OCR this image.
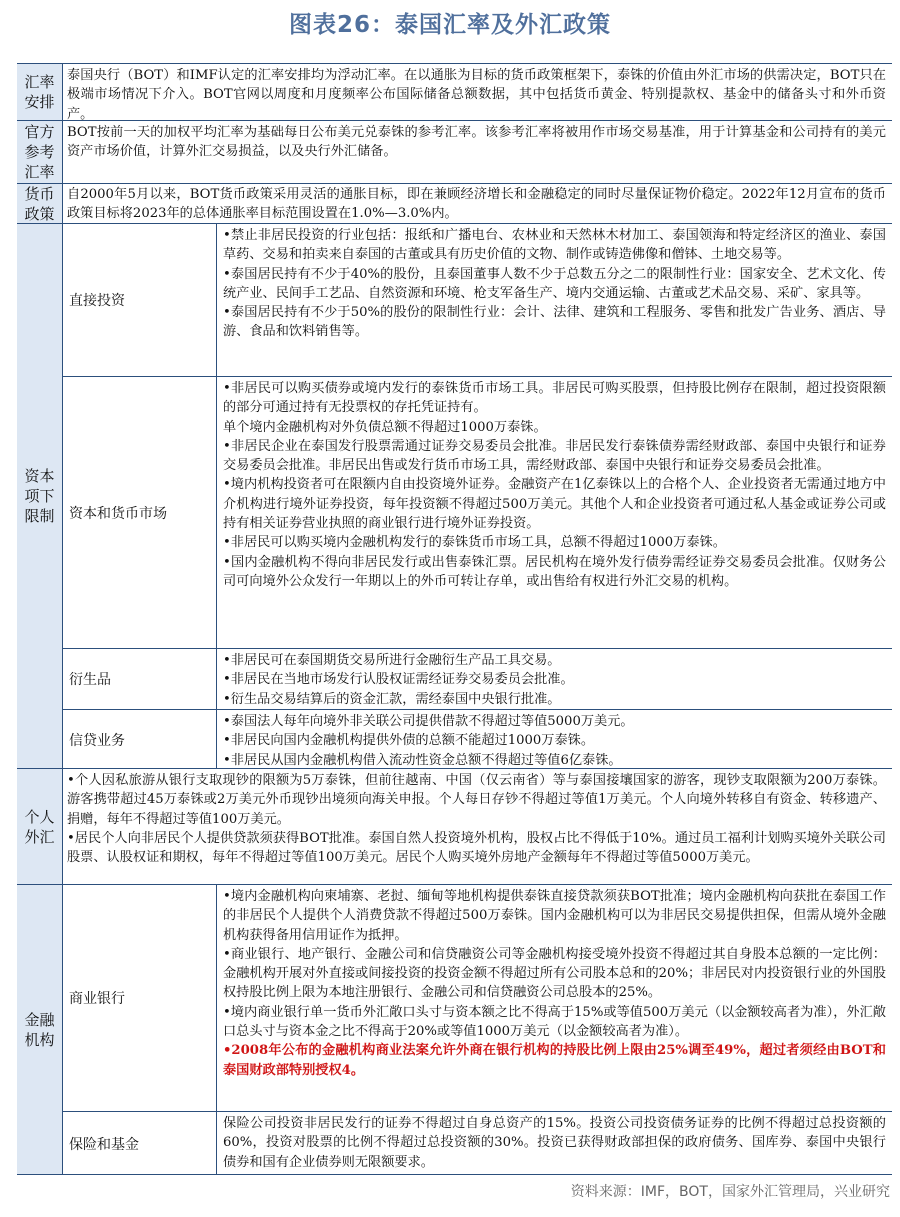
图表26：泰国汇率及外汇政策
汇率安排
泰国央行（BOT）和IMF认定的汇率安排均为浮动汇率。在以通胀为目标的货币政策框架下，泰铢的价值由外汇市场的供需决定，BOT只在极端市场情况下介入。BOT官网以周度和月度频率公布国际储备总额数据，其中包括货币黄金、特别提款权、基金中的储备头寸和外币资产。
官方参考汇率
BOT按前一天的加权平均汇率为基础每日公布美元兑泰铢的参考汇率。该参考汇率将被用作市场交易基准，用于计算基金和公司持有的美元资产市场价值，计算外汇交易损益，以及央行外汇储备。
货币政策
自2000年5月以来，BOT货币政策采用灵活的通胀目标，即在兼顾经济增长和金融稳定的同时尽量保证物价稳定。2022年12月宣布的货币政策目标将2023年的总体通胀率目标范围设置在1.0%—3.0%内。
资本项下限制
直接投资

•禁止非居民投资的行业包括：报纸和广播电台、农林业和天然林木材加工、泰国领海和特定经济区的渔业、泰国草药、交易和拍卖来自泰国的古董或具有历史价值的文物、制作或铸造佛像和僧钵、土地交易等。

•泰国居民持有不少于40%的股份，且泰国董事人数不少于总数五分之二的限制性行业：国家安全、艺术文化、传统产业、民间手工艺品、自然资源和环境、枪支军备生产、境内交通运输、古董或艺术品交易、采矿、家具等。

•泰国居民持有不少于50%的股份的限制性行业：会计、法律、建筑和工程服务、零售和批发广告业务、酒店、导游、食品和饮料销售等。

资本和货币市场

•非居民可以购买债券或境内发行的泰铢货币市场工具。非居民可购买股票，但持股比例存在限制，超过投资限额的部分可通过持有无投票权的存托凭证持有。

单个境内金融机构对外负债总额不得超过1000万泰铢。

•非居民企业在泰国发行股票需通过证券交易委员会批准。非居民发行泰铢债券需经财政部、泰国中央银行和证券交易委员会批准。非居民出售或发行货币市场工具，需经财政部、泰国中央银行和证券交易委员会批准。

•境内机构投资者可在限额内自由投资境外证券。金融资产在1亿泰铢以上的合格个人、企业投资者无需通过地方中介机构进行境外证券投资，每年投资额不得超过500万美元。其他个人和企业投资者可通过私人基金或证券公司或持有相关证券营业执照的商业银行进行境外证券投资。

•非居民可以购买境内金融机构发行的泰铢货币市场工具，总额不得超过1000万泰铢。

•国内金融机构不得向非居民发行或出售泰铢汇票。居民机构在境外发行债券需经证券交易委员会批准。仅财务公司可向境外公众发行一年期以上的外币可转让存单，或出售给有权进行外汇交易的机构。

衍生品

•非居民可在泰国期货交易所进行金融衍生产品工具交易。

•非居民在当地市场发行认股权证需经证券交易委员会批准。

•衍生品交易结算后的资金汇款，需经泰国中央银行批准。

信贷业务

•泰国法人每年向境外非关联公司提供借款不得超过等值5000万美元。

•非居民向国内金融机构提供外债的总额不能超过1000万泰铢。

•非居民从国内金融机构借入流动性资金总额不得超过等值6亿泰铢。

个人外汇

•个人因私旅游从银行支取现钞的限额为5万泰铢，但前往越南、中国（仅云南省）等与泰国接壤国家的游客，现钞支取限额为200万泰铢。游客携带超过45万泰铢或2万美元外币现钞出境须向海关申报。个人每日存钞不得超过等值1万美元。个人向境外转移自有资金、转移遗产、捐赠，每年不得超过等值100万美元。

•居民个人向非居民个人提供贷款须获得BOT批准。泰国自然人投资境外机构，股权占比不得低于10%。通过员工福利计划购买境外关联公司股票、认股权证和期权，每年不得超过等值100万美元。居民个人购买境外房地产金额每年不得超过等值5000万美元。

金融机构
商业银行

•境内金融机构向柬埔寨、老挝、缅甸等地机构提供泰铢直接贷款须获BOT批准；境内金融机构向获批在泰国工作的非居民个人提供个人消费贷款不得超过500万泰铢。国内金融机构可以为非居民交易提供担保，但需从境外金融机构获得备用信用证作为抵押。

•商业银行、地产银行、金融公司和信贷融资公司等金融机构接受境外投资不得超过其自身股本总额的一定比例：金融机构开展对外直接或间接投资的投资金额不得超过所有公司股本总和的20%；非居民对内投资银行业的外国股权持股比例上限为本地注册银行、金融公司和信贷融资公司总股本的25%。

•境内商业银行单一货币外汇敞口头寸与资本额之比不得高于15%或等值500万美元（以金额较高者为准），外汇敞口总头寸与资本金之比不得高于20%或等值1000万美元（以金额较高者为准）。

•2008年公布的金融机构商业法案允许外商在银行机构的持股比例上限由25%调至49%，超过者须经由BOT和泰国财政部特别授权4。

保险和基金
保险公司投资非居民发行的证券不得超过自身总资产的15%。投资公司投资债务证券的比例不得超过总投资额的60%，投资对股票的比例不得超过总投资额的30%。投资已获得财政部担保的政府债务、国库券、泰国中央银行债券和国有企业债券则无限额要求。
资料来源：IMF，BOT，国家外汇管理局，兴业研究
